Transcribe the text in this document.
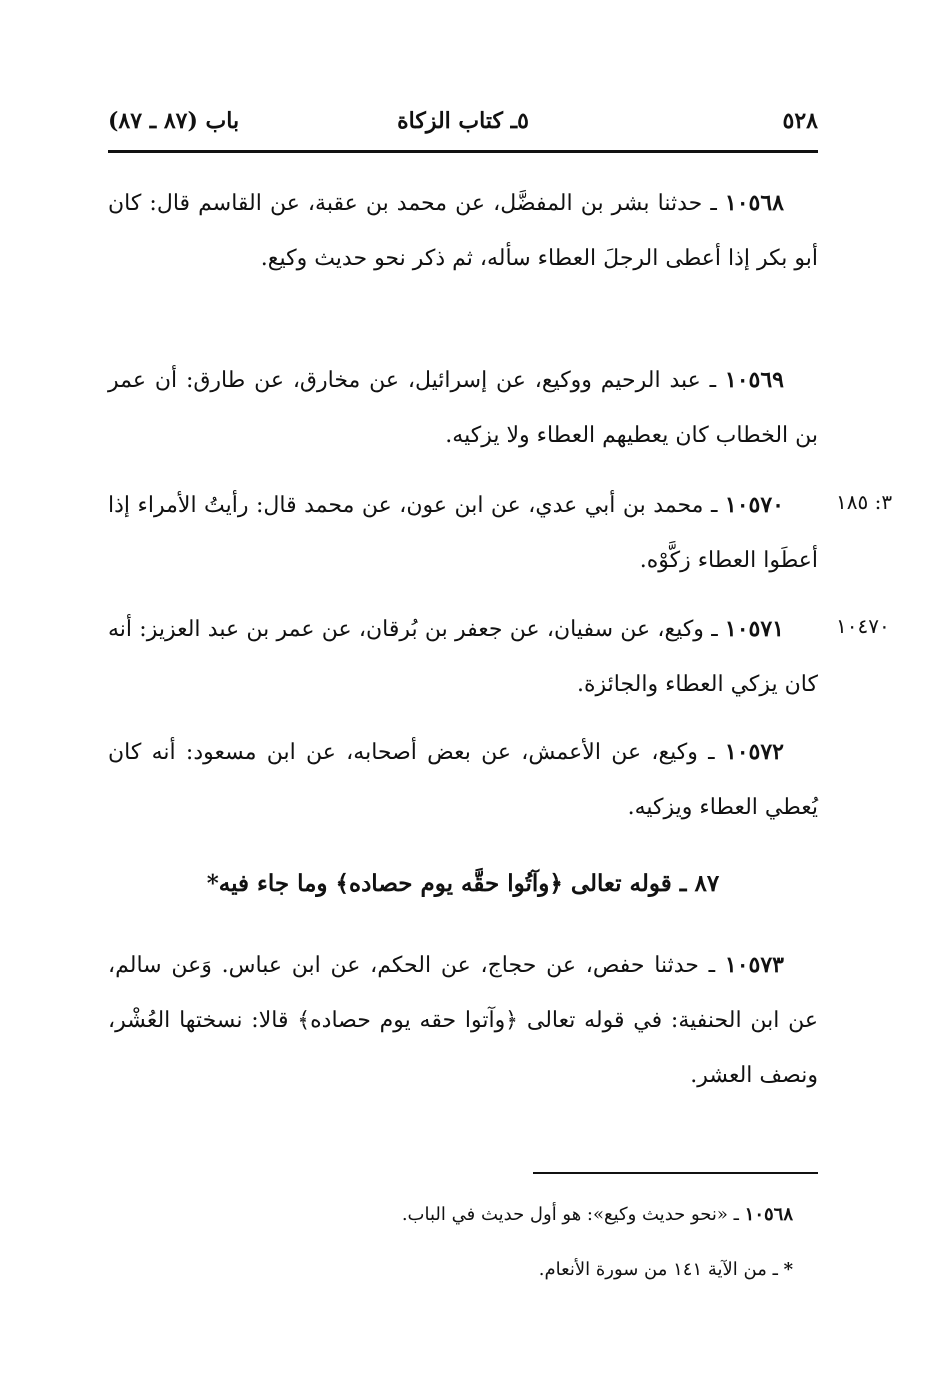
٥٢٨
٥ـ كتاب الزكاة
باب (٨٧ ـ ٨٧)
١٠٥٦٨ ـ حدثنا بشر بن المفضَّل، عن محمد بن عقبة، عن القاسم قال: كان أبو بكر إذا أعطى الرجلَ العطاء سأله، ثم ذكر نحو حديث وكيع.
١٠٥٦٩ ـ عبد الرحيم ووكيع، عن إسرائيل، عن مخارق، عن طارق: أن عمر بن الخطاب كان يعطيهم العطاء ولا يزكيه.
٣: ١٨٥
١٠٥٧٠ ـ محمد بن أبي عدي، عن ابن عون، عن محمد قال: رأيتُ الأمراء إذا أعطَوا العطاء زكَّوْه.
١٠٤٧٠
١٠٥٧١ ـ وكيع، عن سفيان، عن جعفر بن بُرقان، عن عمر بن عبد العزيز: أنه كان يزكي العطاء والجائزة.
١٠٥٧٢ ـ وكيع، عن الأعمش، عن بعض أصحابه، عن ابن مسعود: أنه كان يُعطي العطاء ويزكيه.
٨٧ ـ قوله تعالى ﴿وآتُوا حقَّه يوم حصاده﴾ وما جاء فيه*
١٠٥٧٣ ـ حدثنا حفص، عن حجاج، عن الحكم، عن ابن عباس. وَعن سالم، عن ابن الحنفية: في قوله تعالى ﴿وآتوا حقه يوم حصاده﴾ قالا: نسختها العُشْر، ونصف العشر.
١٠٥٦٨ ـ «نحو حديث وكيع»: هو أول حديث في الباب.
* ـ من الآية ١٤١ من سورة الأنعام.
